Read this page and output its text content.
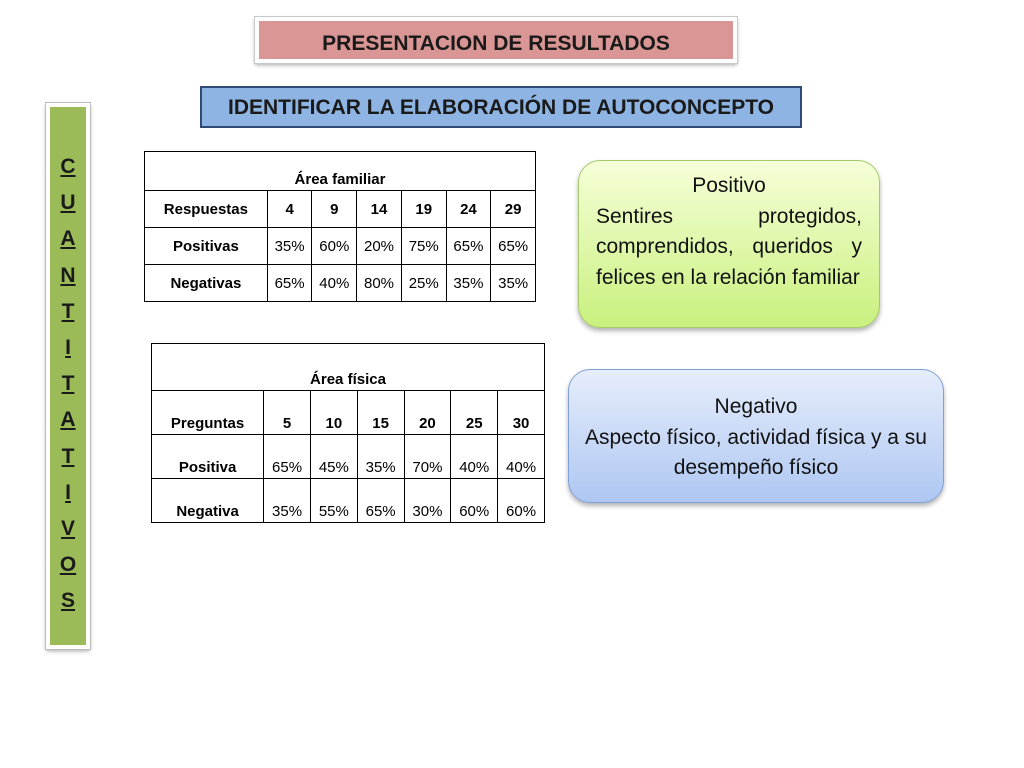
PRESENTACION DE RESULTADOS
IDENTIFICAR LA ELABORACIÓN DE AUTOCONCEPTO
C
U
A
N
T
I
T
A
T
I
V
O
S
Área familiar						
Respuestas	4	9	14	19	24	29
Positivas	35%	60%	20%	75%	65%	65%
Negativas	65%	40%	80%	25%	35%	35%
Área física						
Preguntas	5	10	15	20	25	30
Positiva	65%	45%	35%	70%	40%	40%
Negativa	35%	55%	65%	30%	60%	60%
Positivo
Sentires protegidos, comprendidos, queridos y felices en la relación familiar
Negativo
Aspecto físico, actividad física y a su desempeño físico
